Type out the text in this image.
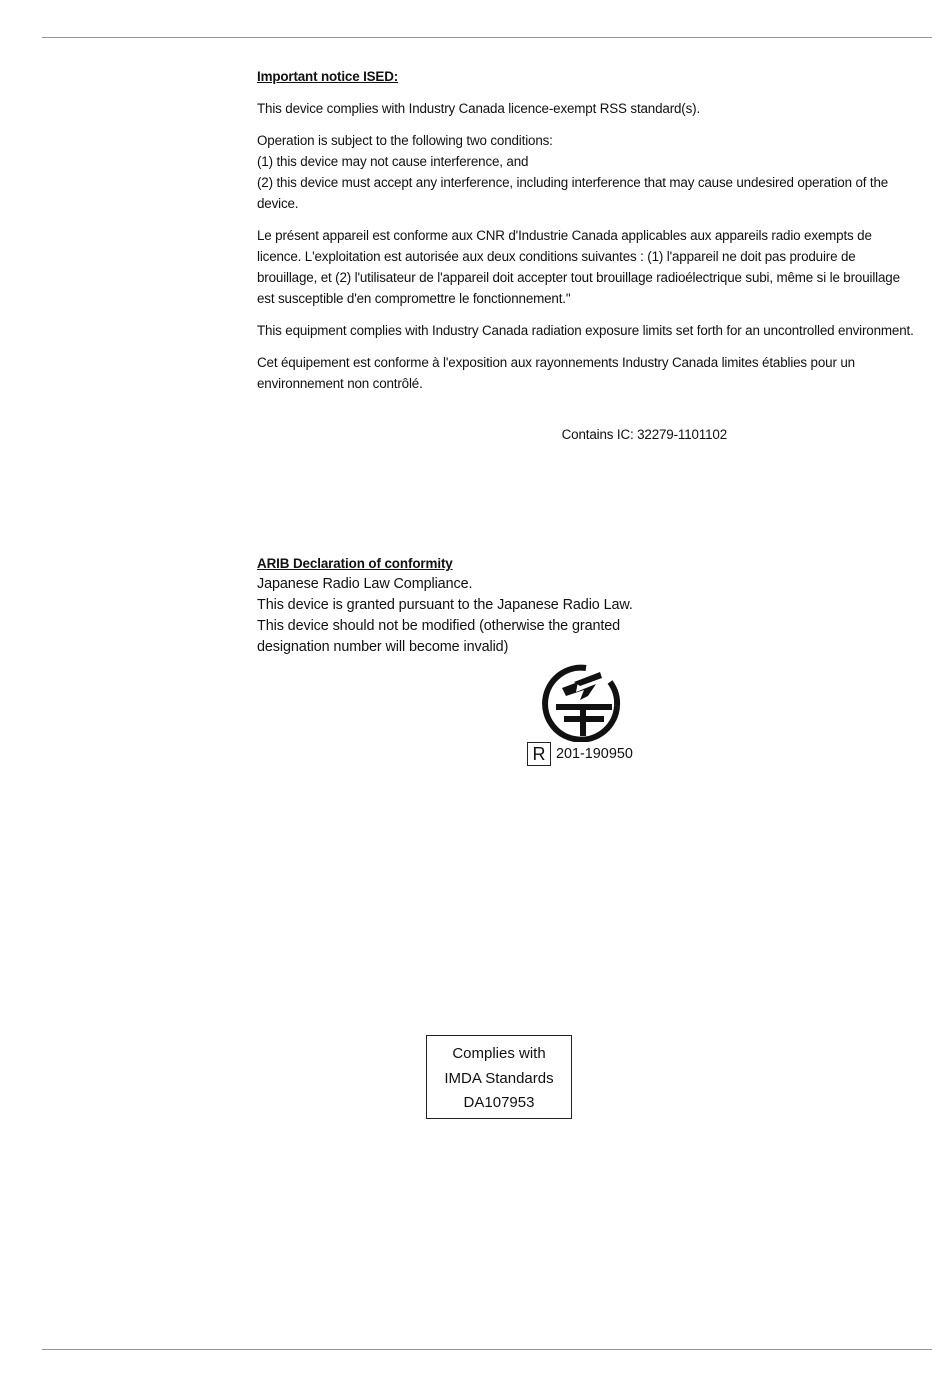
Important notice ISED:

This device complies with Industry Canada licence-exempt RSS standard(s).

Operation is subject to the following two conditions:

(1) this device may not cause interference, and

(2) this device must accept any interference, including interference that may cause undesired operation of the device.

Le présent appareil est conforme aux CNR d'Industrie Canada applicables aux appareils radio exempts de licence. L'exploitation est autorisée aux deux conditions suivantes : (1) l'appareil ne doit pas produire de brouillage, et (2) l'utilisateur de l'appareil doit accepter tout brouillage radioélectrique subi, même si le brouillage est susceptible d'en compromettre le fonctionnement."

This equipment complies with Industry Canada radiation exposure limits set forth for an uncontrolled environment.

Cet équipement est conforme à l'exposition aux rayonnements Industry Canada limites établies pour un environnement non contrôlé.

Contains IC: 32279-1101102

ARIB Declaration of conformity

Japanese Radio Law Compliance.

This device is granted pursuant to the Japanese Radio Law.

This device should not be modified (otherwise the granted designation number will become invalid)

R 201-190950
Complies with
IMDA Standards
DA107953
